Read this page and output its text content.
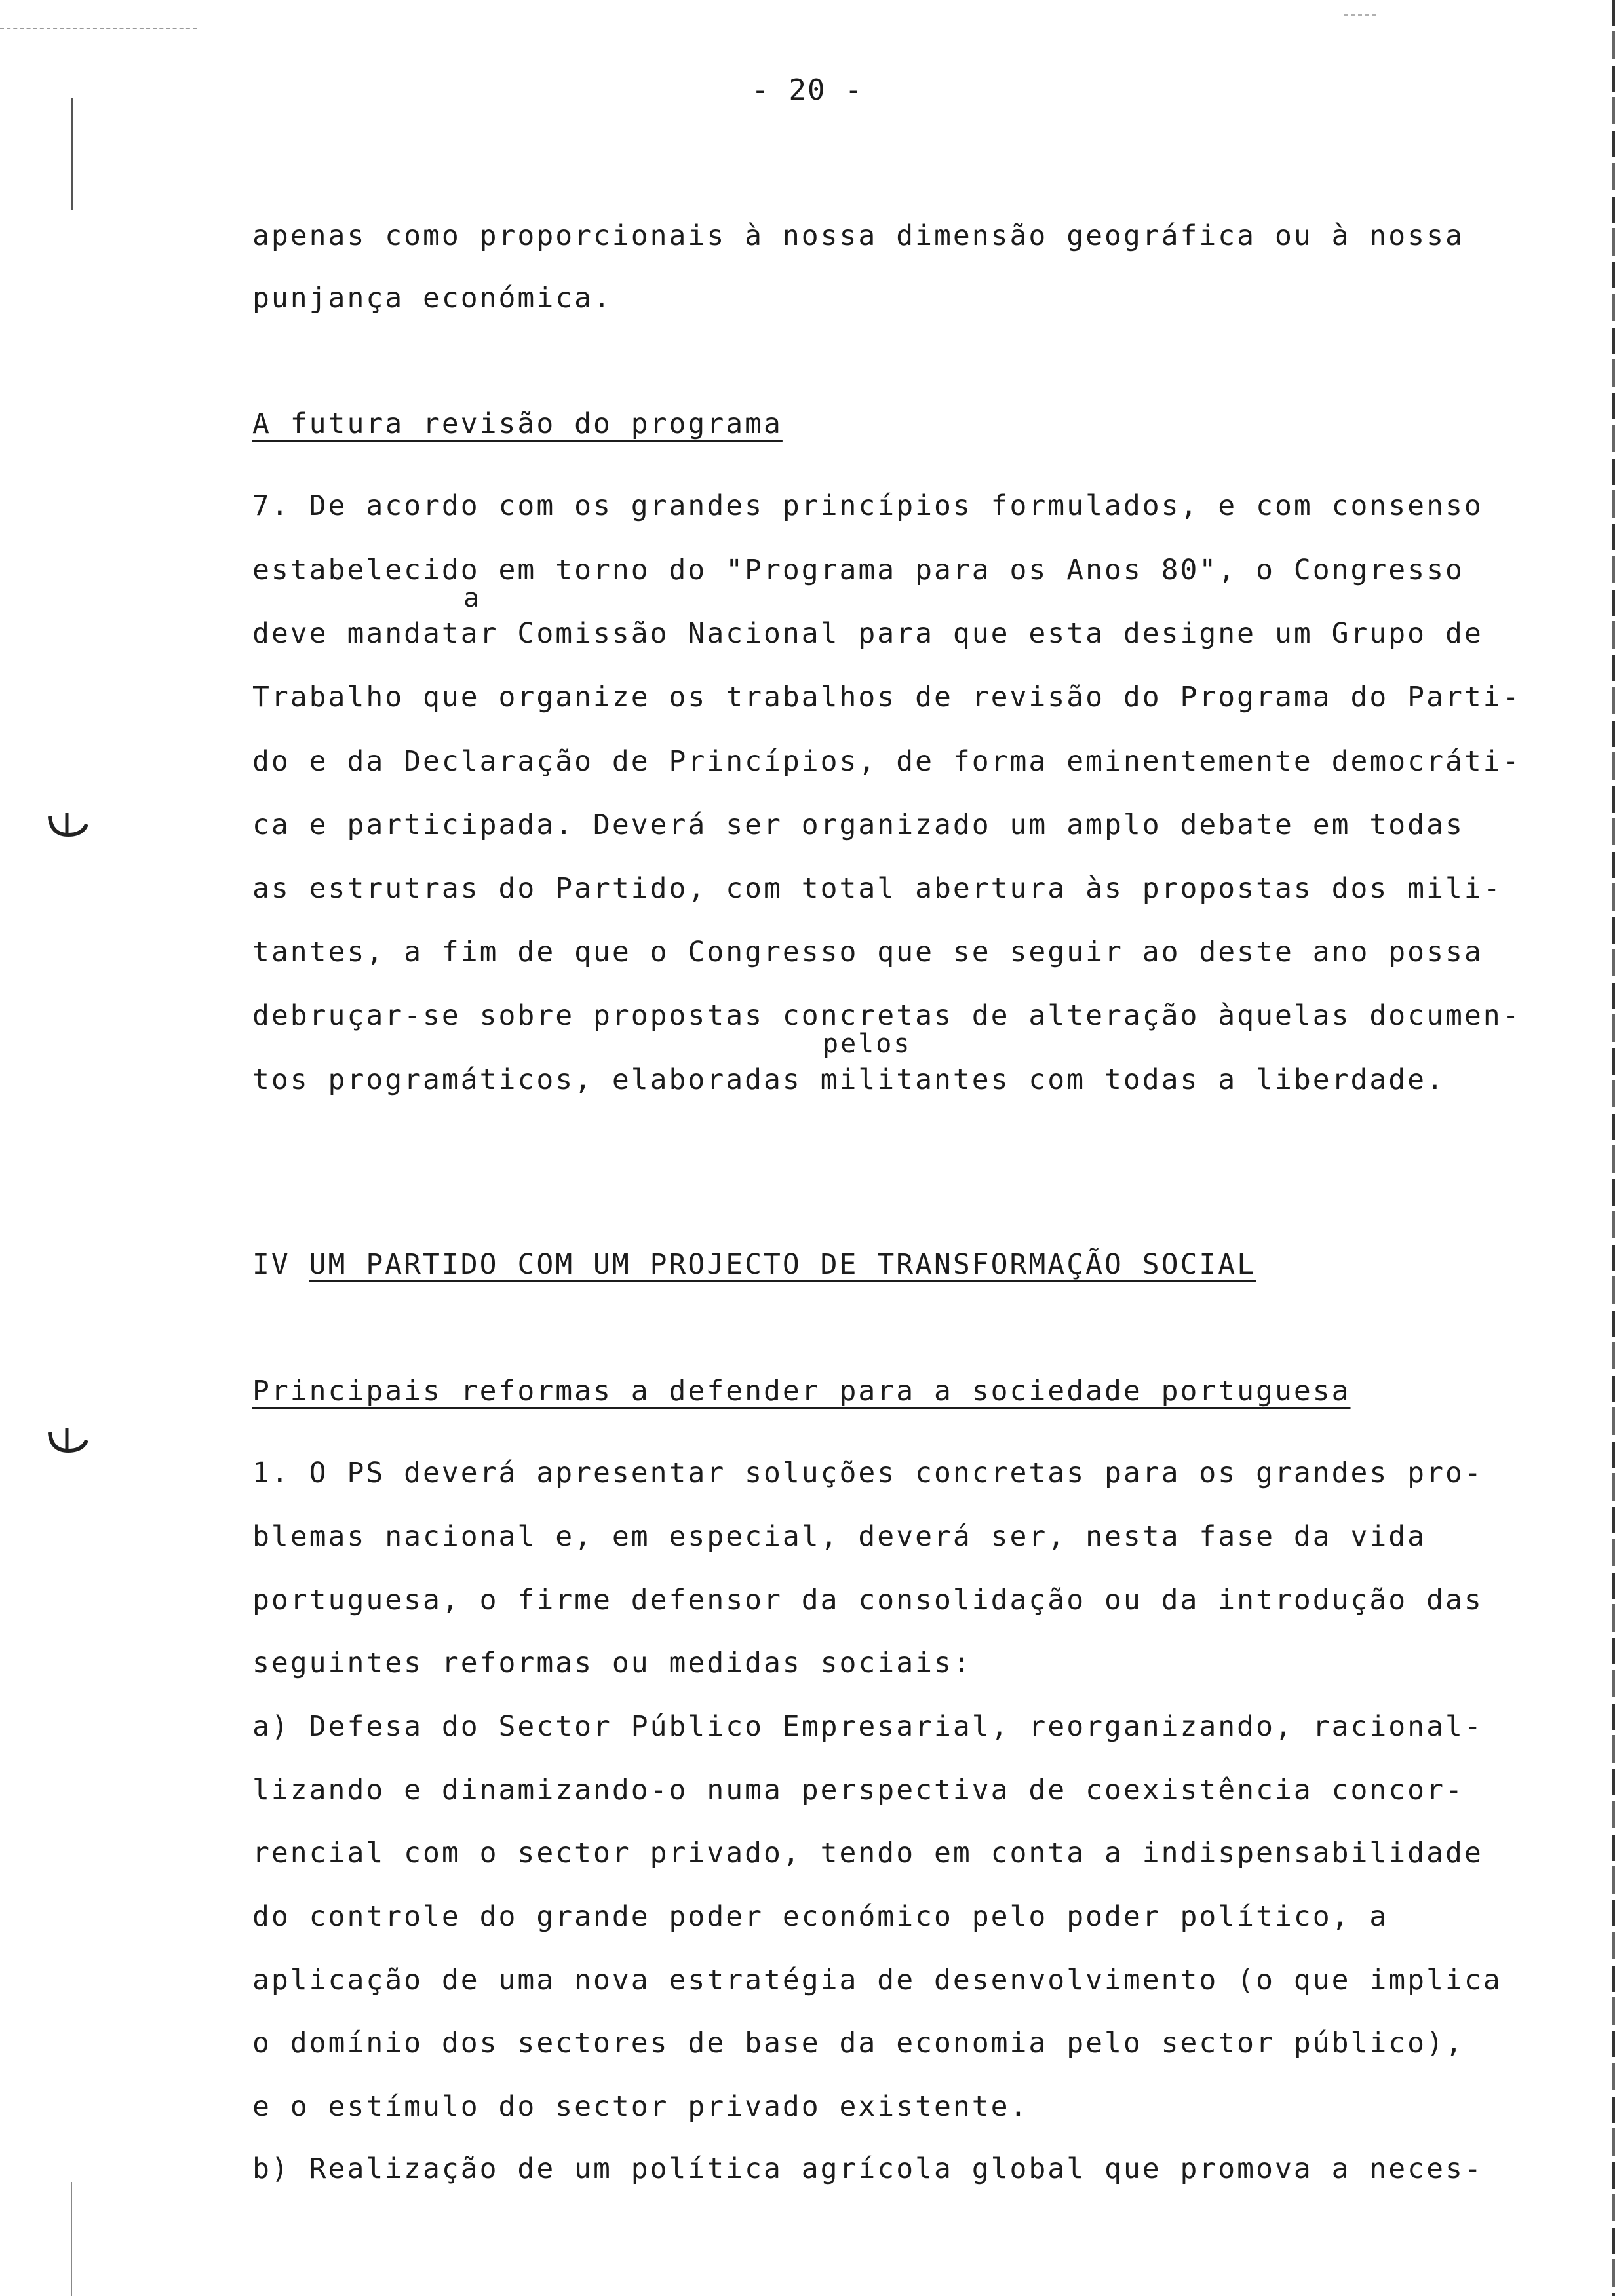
- 20 -
apenas como proporcionais à nossa dimensão geográfica ou à nossa
punjança económica.
A futura revisão do programa
7. De acordo com os grandes princípios formulados, e com consenso
estabelecido em torno do "Programa para os Anos 80", o Congresso
a
deve mandatar Comissão Nacional para que esta designe um Grupo de
Trabalho que organize os trabalhos de revisão do Programa do Parti-
do e da Declaração de Princípios, de forma eminentemente democráti-
ca e participada. Deverá ser organizado um amplo debate em todas
as estrutras do Partido, com total abertura às propostas dos mili-
tantes, a fim de que o Congresso que se seguir ao deste ano possa
debruçar-se sobre propostas concretas de alteração àquelas documen-
pelos
tos programáticos, elaboradas militantes com todas a liberdade.
IV UM PARTIDO COM UM PROJECTO DE TRANSFORMAÇÃO SOCIAL
Principais reformas a defender para a sociedade portuguesa
1. O PS deverá apresentar soluções concretas para os grandes pro-
blemas nacional e, em especial, deverá ser, nesta fase da vida
portuguesa, o firme defensor da consolidação ou da introdução das
seguintes reformas ou medidas sociais:
a) Defesa do Sector Público Empresarial, reorganizando, racional-
lizando e dinamizando-o numa perspectiva de coexistência concor-
rencial com o sector privado, tendo em conta a indispensabilidade
do controle do grande poder económico pelo poder político, a
aplicação de uma nova estratégia de desenvolvimento (o que implica
o domínio dos sectores de base da economia pelo sector público),
e o estímulo do sector privado existente.
b) Realização de um política agrícola global que promova a neces-
